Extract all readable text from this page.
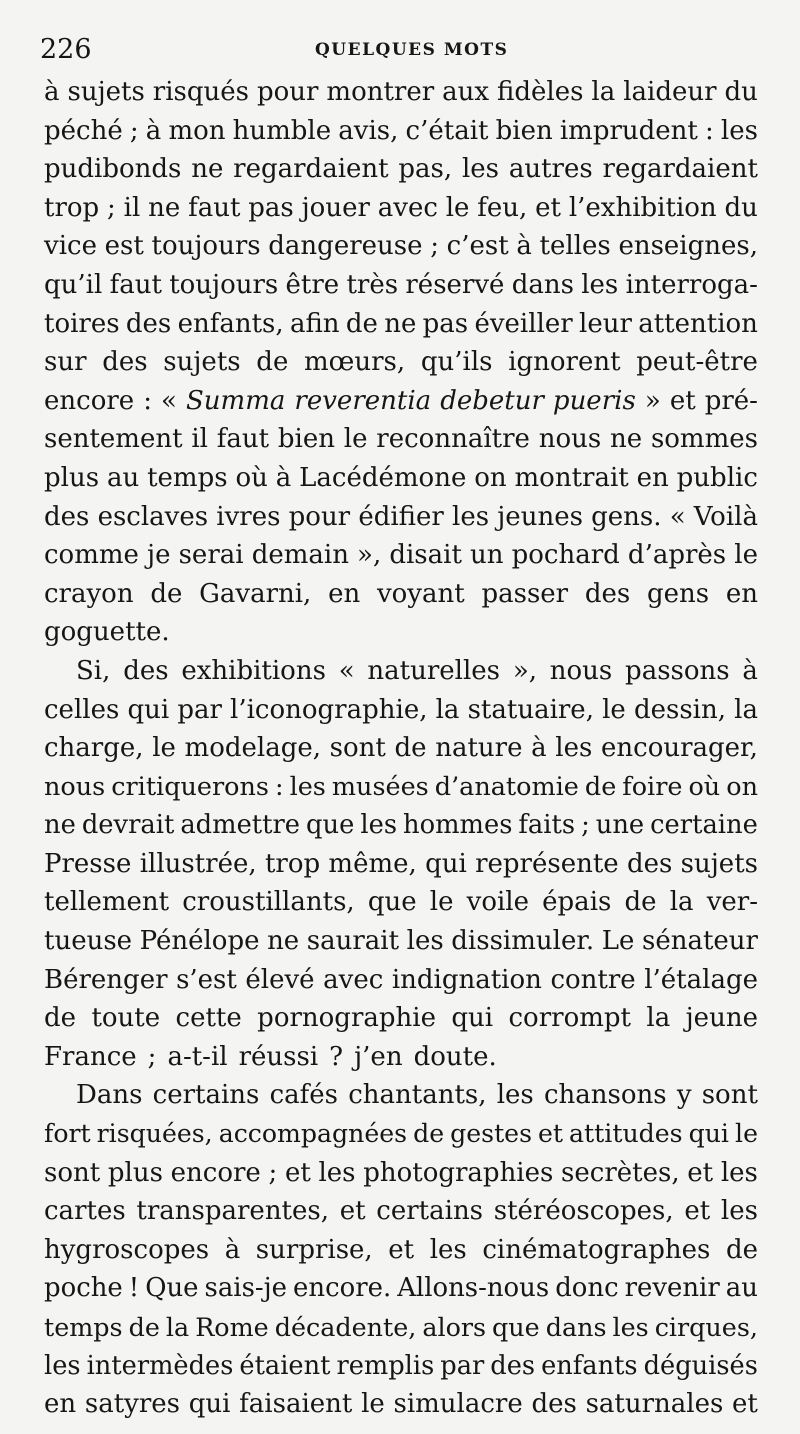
226	QUELQUES MOTS
à sujets risqués pour montrer aux fidèles la laideur du
péché ; à mon humble avis, c’était bien imprudent : les
pudibonds ne regardaient pas, les autres regardaient
trop ; il ne faut pas jouer avec le feu, et l’exhibition du
vice est toujours dangereuse ; c’est à telles enseignes,
qu’il faut toujours être très réservé dans les interroga-
toires des enfants, afin de ne pas éveiller leur attention
sur des sujets de mœurs, qu’ils ignorent peut-être
encore : « Summa reverentia debetur pueris » et pré-
sentement il faut bien le reconnaître nous ne sommes
plus au temps où à Lacédémone on montrait en public
des esclaves ivres pour édifier les jeunes gens. « Voilà
comme je serai demain », disait un pochard d’après le
crayon de Gavarni, en voyant passer des gens en
goguette.
Si, des exhibitions « naturelles », nous passons à
celles qui par l’iconographie, la statuaire, le dessin, la
charge, le modelage, sont de nature à les encourager,
nous critiquerons : les musées d’anatomie de foire où on
ne devrait admettre que les hommes faits ; une certaine
Presse illustrée, trop même, qui représente des sujets
tellement croustillants, que le voile épais de la ver-
tueuse Pénélope ne saurait les dissimuler. Le sénateur
Bérenger s’est élevé avec indignation contre l’étalage
de toute cette pornographie qui corrompt la jeune
France ; a-t-il réussi ? j’en doute.
Dans certains cafés chantants, les chansons y sont
fort risquées, accompagnées de gestes et attitudes qui le
sont plus encore ; et les photographies secrètes, et les
cartes transparentes, et certains stéréoscopes, et les
hygroscopes à surprise, et les cinématographes de
poche ! Que sais-je encore. Allons-nous donc revenir au
temps de la Rome décadente, alors que dans les cirques,
les intermèdes étaient remplis par des enfants déguisés
en satyres qui faisaient le simulacre des saturnales et
